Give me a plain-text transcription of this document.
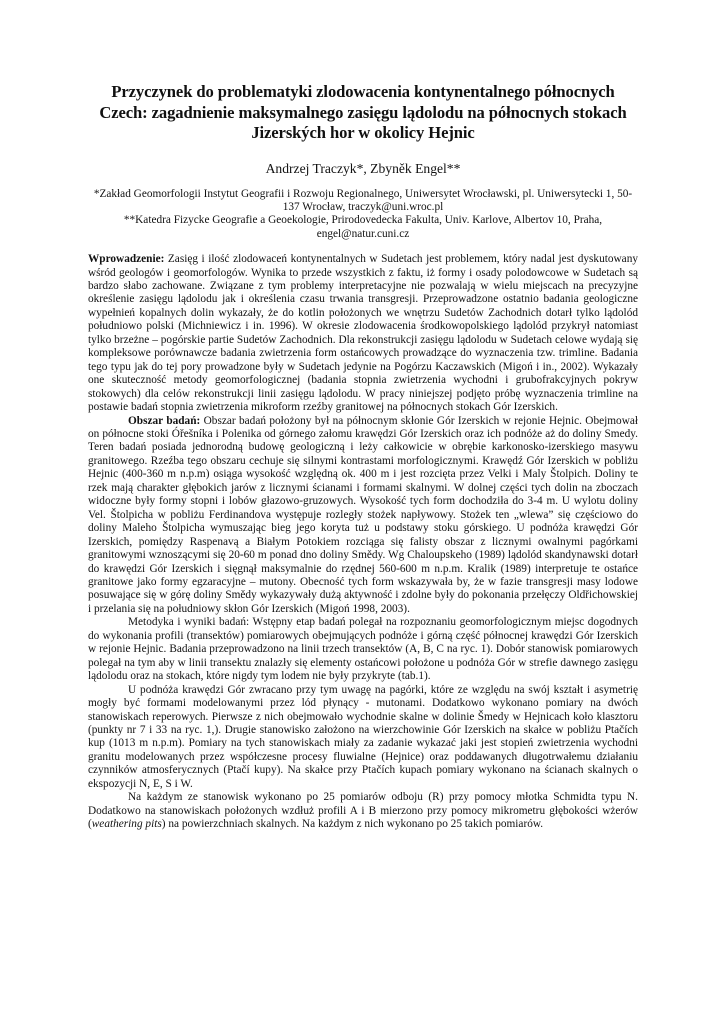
Przyczynek do problematyki zlodowacenia kontynentalnego północnych Czech: zagadnienie maksymalnego zasięgu lądolodu na północnych stokach Jizerských hor w okolicy Hejnic
Andrzej Traczyk*, Zbyněk Engel**

*Zakład Geomorfologii Instytut Geografii i Rozwoju Regionalnego, Uniwersytet Wrocławski, pl. Uniwersytecki 1, 50-137 Wrocław, traczyk@uni.wroc.pl

**Katedra Fizycke Geografie a Geoekologie, Prirodovedecka Fakulta, Univ. Karlove, Albertov 10, Praha, engel@natur.cuni.cz

Wprowadzenie: Zasięg i ilość zlodowaceń kontynentalnych w Sudetach jest problemem, który nadal jest dyskutowany wśród geologów i geomorfologów. Wynika to przede wszystkich z faktu, iż formy i osady polodowcowe w Sudetach są bardzo słabo zachowane. Związane z tym problemy interpretacyjne nie pozwalają w wielu miejscach na precyzyjne określenie zasięgu lądolodu jak i określenia czasu trwania transgresji. Przeprowadzone ostatnio badania geologiczne wypełnień kopalnych dolin wykazały, że do kotlin położonych we wnętrzu Sudetów Zachodnich dotarł tylko lądolód południowo polski (Michniewicz i in. 1996). W okresie zlodowacenia środkowopolskiego lądolód przykrył natomiast tylko brzeżne – pogórskie partie Sudetów Zachodnich. Dla rekonstrukcji zasięgu lądolodu w Sudetach celowe wydają się kompleksowe porównawcze badania zwietrzenia form ostańcowych prowadzące do wyznaczenia tzw. trimline. Badania tego typu jak do tej pory prowadzone były w Sudetach jedynie na Pogórzu Kaczawskich (Migoń i in., 2002). Wykazały one skuteczność metody geomorfologicznej (badania stopnia zwietrzenia wychodni i grubofrakcyjnych pokryw stokowych) dla celów rekonstrukcji linii zasięgu lądolodu. W pracy niniejszej podjęto próbę wyznaczenia trimline na postawie badań stopnia zwietrzenia mikroform rzeźby granitowej na północnych stokach Gór Izerskich.

Obszar badań: Obszar badań położony był na północnym skłonie Gór Izerskich w rejonie Hejnic. Obejmował on północne stoki Óřešníka i Polenika od górnego załomu krawędzi Gór Izerskich oraz ich podnóże aż do doliny Smedy. Teren badań posiada jednorodną budowę geologiczną i leży całkowicie w obrębie karkonosko-izerskiego masywu granitowego. Rzeźba tego obszaru cechuje się silnymi kontrastami morfologicznymi. Krawędź Gór Izerskich w pobliżu Hejnic (400-360 m n.p.m) osiąga wysokość względną ok. 400 m i jest rozcięta przez Velki i Maly Štolpich. Doliny te rzek mają charakter głębokich jarów z licznymi ścianami i formami skalnymi. W dolnej części tych dolin na zboczach widoczne były formy stopni i lobów głazowo-gruzowych. Wysokość tych form dochodziła do 3-4 m. U wylotu doliny Vel. Štolpicha w pobliżu Ferdinandova występuje rozległy stożek napływowy. Stożek ten „wlewa” się częściowo do doliny Maleho Štolpicha wymuszając bieg jego koryta tuż u podstawy stoku górskiego. U podnóża krawędzi Gór Izerskich, pomiędzy Raspenavą a Białym Potokiem rozciąga się falisty obszar z licznymi owalnymi pagórkami granitowymi wznoszącymi się 20-60 m ponad dno doliny Smědy. Wg Chaloupskeho (1989) lądolód skandynawski dotarł do krawędzi Gór Izerskich i sięgnął maksymalnie do rzędnej 560-600 m n.p.m. Kralik (1989) interpretuje te ostańce granitowe jako formy egzaracyjne – mutony. Obecność tych form wskazywała by, że w fazie transgresji masy lodowe posuwające się w górę doliny Smědy wykazywały dużą aktywność i zdolne były do pokonania przełęczy Oldřichowskiej i przelania się na południowy skłon Gór Izerskich (Migoń 1998, 2003).

Metodyka i wyniki badań: Wstępny etap badań polegał na rozpoznaniu geomorfologicznym miejsc dogodnych do wykonania profili (transektów) pomiarowych obejmujących podnóże i górną część północnej krawędzi Gór Izerskich w rejonie Hejnic. Badania przeprowadzono na linii trzech transektów (A, B, C na ryc. 1). Dobór stanowisk pomiarowych polegał na tym aby w linii transektu znalazły się elementy ostańcowi położone u podnóża Gór w strefie dawnego zasięgu lądolodu oraz na stokach, które nigdy tym lodem nie były przykryte (tab.1).

U podnóża krawędzi Gór zwracano przy tym uwagę na pagórki, które ze względu na swój kształt i asymetrię mogły być formami modelowanymi przez lód płynący - mutonami. Dodatkowo wykonano pomiary na dwóch stanowiskach reperowych. Pierwsze z nich obejmowało wychodnie skalne w dolinie Šmedy w Hejnicach koło klasztoru (punkty nr 7 i 33 na ryc. 1,). Drugie stanowisko założono na wierzchowinie Gór Izerskich na skałce w pobliżu Ptačích kup (1013 m n.p.m). Pomiary na tych stanowiskach miały za zadanie wykazać jaki jest stopień zwietrzenia wychodni granitu modelowanych przez współczesne procesy fluwialne (Hejnice) oraz poddawanych długotrwałemu działaniu czynników atmosferycznych (Ptačí kupy). Na skałce przy Ptačích kupach pomiary wykonano na ścianach skalnych o ekspozycji N, E, S i W.

Na każdym ze stanowisk wykonano po 25 pomiarów odboju (R) przy pomocy młotka Schmidta typu N. Dodatkowo na stanowiskach położonych wzdłuż profili A i B mierzono przy pomocy mikrometru głębokości wżerów (weathering pits) na powierzchniach skalnych. Na każdym z nich wykonano po 25 takich pomiarów.
